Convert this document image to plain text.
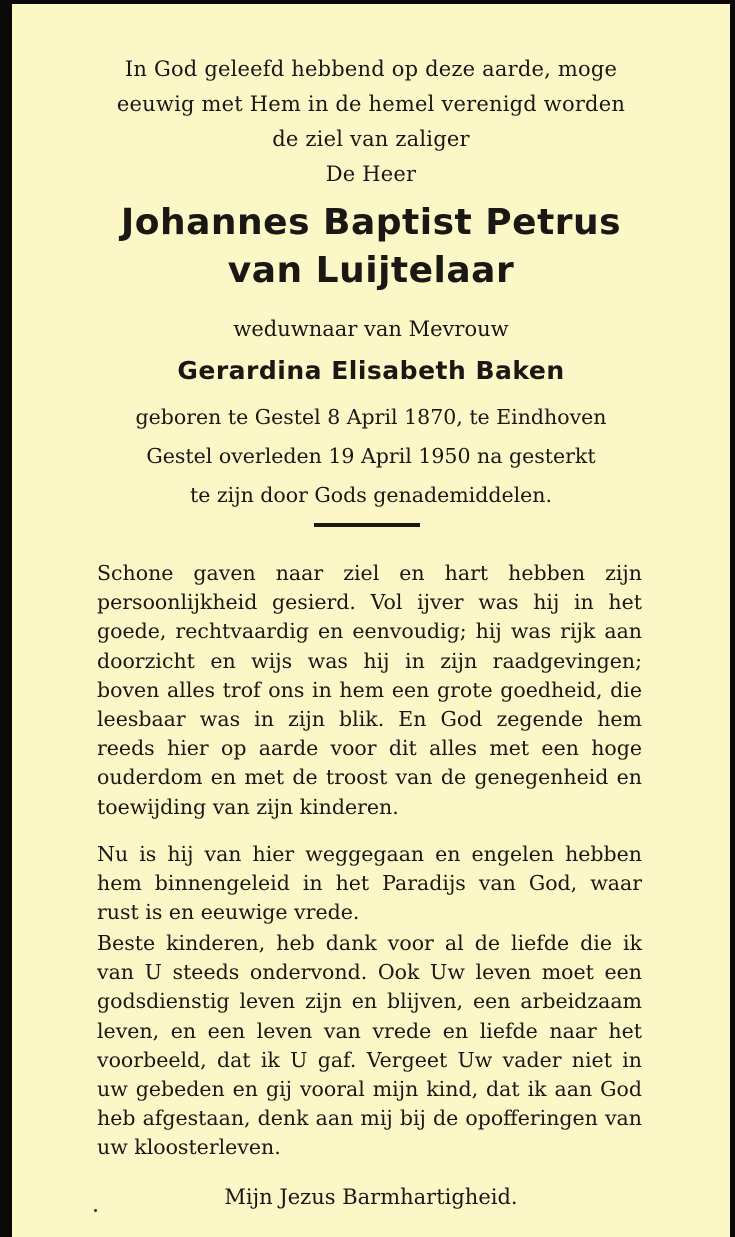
In God geleefd hebbend op deze aarde, moge
eeuwig met Hem in de hemel verenigd worden
de ziel van zaliger
De Heer
Johannes Baptist Petrus
van Luijtelaar
weduwnaar van Mevrouw
Gerardina Elisabeth Baken
geboren te Gestel 8 April 1870, te Eindhoven
Gestel overleden 19 April 1950 na gesterkt
te zijn door Gods genademiddelen.
Schone gaven naar ziel en hart hebben zijn persoonlijkheid gesierd. Vol ijver was hij in het goede, rechtvaardig en eenvoudig; hij was rijk aan doorzicht en wijs was hij in zijn raadgevingen; boven alles trof ons in hem een grote goedheid, die leesbaar was in zijn blik. En God zegende hem reeds hier op aarde voor dit alles met een hoge ouderdom en met de troost van de genegenheid en toewijding van zijn kinderen.
Nu is hij van hier weggegaan en engelen hebben hem binnengeleid in het Paradijs van God, waar rust is en eeuwige vrede.
Beste kinderen, heb dank voor al de liefde die ik van U steeds ondervond. Ook Uw leven moet een godsdienstig leven zijn en blijven, een arbeidzaam leven, en een leven van vrede en liefde naar het voorbeeld, dat ik U gaf. Vergeet Uw vader niet in uw gebeden en gij vooral mijn kind, dat ik aan God heb afgestaan, denk aan mij bij de opofferingen van uw kloosterleven.
Mijn Jezus Barmhartigheid.
